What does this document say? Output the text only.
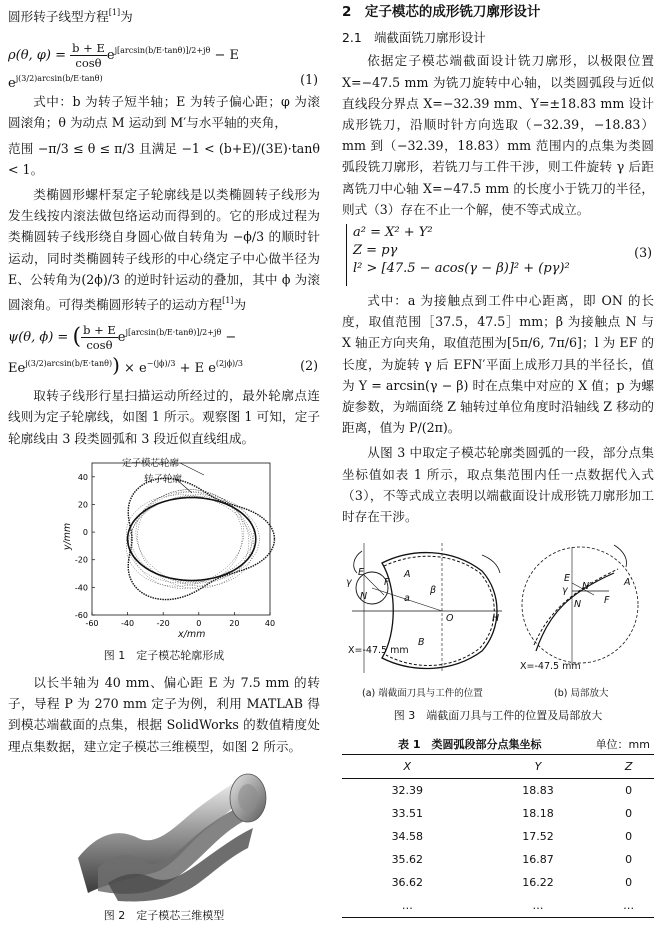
圆形转子线型方程[1]为

ρ(θ, $\varphi) = \frac{b + E}{\cos\theta} e^{j[arcsin(b/E\cdot tan\theta)]/2+j\theta} - E$ $e^{j(3/2)arcsin(b/E\cdot tan\theta)}$	(1)

式中：b 为转子短半轴；E 为转子偏心距；φ 为滚圆滚角；θ 为动点 M 运动到 M′与水平轴的夹角，

范围 −π/3 ≤ θ ≤ π/3 且满足 −1 < (b+E)/(3E)·tanθ < 1。

类椭圆形螺杆泵定子轮廓线是以类椭圆转子线形为发生线按内滚法做包络运动而得到的。它的形成过程为类椭圆转子线形绕自身圆心做自转角为 −ϕ/3 的顺时针运动，同时类椭圆转子线形的中心绕定子中心做半径为 E、公转角为(2ϕ)/3 的逆时针运动的叠加，其中 ϕ 为滚圆滚角。可得类椭圆形转子的运动方程[1]为

ψ(θ, ϕ) = ( $\frac{b + E}{\cos\theta} e^{j[arcsin(b/E\cdot tan\theta)]/2+j\theta}$ −
$Ee^{j(3/2)arcsin(b/E\cdot tan\theta)}) \times e^{-(j\phi)/3} + E$ $e^{(2j\phi)/3}$	(2)

取转子线形行星扫描运动所经过的，最外轮廓点连线则为定子轮廓线，如图 1 所示。观察图 1 可知，定子轮廓线由 3 段类圆弧和 3 段近似直线组成。

-60	-40	-20	0	20	40
-60
-40
-20
0
20
40
定子模芯轮廓
转子轮廓
y/mm
x/mm

图 1　定子模芯轮廓形成

以长半轴为 40 mm、偏心距 E 为 7.5 mm 的转子，导程 P 为 270 mm 定子为例，利用 MATLAB 得到模芯端截面的点集，根据 SolidWorks 的数值精度处理点集数据，建立定子模芯三维模型，如图 2 所示。

图 2　定子模芯三维模型

2　定子模芯的成形铣刀廓形设计

2.1　端截面铣刀廓形设计

依据定子模芯端截面设计铣刀廓形，以极限位置 X=−47.5 mm 为铣刀旋转中心轴，以类圆弧段与近似直线段分界点 X=−32.39 mm、Y=±18.83 mm 设计成形铣刀，沿顺时针方向选取（−32.39，−18.83）mm 到（−32.39，18.83）mm 范围内的点集为类圆弧段铣刀廓形，若铣刀与工件干涉，则工件旋转 γ 后距离铣刀中心轴 X=−47.5 mm 的长度小于铣刀的半径，则式（3）存在不止一个解，使不等式成立。

a² = X² + Y²
Z = pγ
l² > [47.5 − acos(γ − β)]² + (pγ)²
(3)

式中：a 为接触点到工件中心距离，即 ON 的长度，取值范围［37.5，47.5］mm；β 为接触点 N 与 X 轴正方向夹角，取值范围为[5π/6, 7π/6]；l 为 EF 的长度，为旋转 γ 后 EFN′平面上成形刀具的半径长，值为 Y = arcsin(γ − β) 时在点集中对应的 X 值；p 为螺旋参数，为端面绕 Z 轴转过单位角度时沿轴线 Z 移动的距离，值为 P/(2π)。

从图 3 中取定子模芯轮廓类圆弧的一段，部分点集坐标值如表 1 所示，取点集范围内任一点数据代入式（3），不等式成立表明以端截面设计成形铣刀廓形加工时存在干涉。

E
γ
N
F
a
β
O	H
A
B
X=-47.5 mm
E
γ N′
N F
A
X=-47.5 mm
(a) 端截面刀具与工件的位置	(b) 局部放大

图 3　端截面刀具与工件的位置及局部放大

表 1　类圆弧段部分点集坐标	单位：mm
X	Y	Z
32.39	18.83	0
33.51	18.18	0
34.58	17.52	0
35.62	16.87	0
36.62	16.22	0
…	…	…
